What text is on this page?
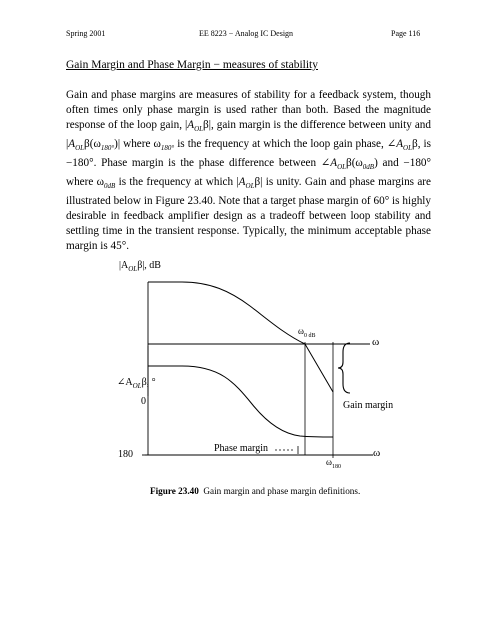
Spring 2001	EE 8223 − Analog IC Design	Page 116
Gain Margin and Phase Margin − measures of stability

Gain and phase margins are measures of stability for a feedback system, though often times only phase margin is used rather than both. Based the magnitude response of the loop gain, $|A_{OL}\beta|$, gain margin is the difference between unity and $|A_{OL}\beta(\omega_{180^\circ})|$ where $\omega_{180^\circ}$ is the frequency at which the loop gain phase, $\angle A_{OL}\beta$, is −180°. Phase margin is the phase difference between $\angle A_{OL}\beta(\omega_{0dB})$ and −180° where $\omega_{0dB}$ is the frequency at which $|A_{OL}\beta|$ is unity. Gain and phase margins are illustrated below in Figure 23.40. Note that a target phase margin of 60° is highly desirable in feedback amplifier design as a tradeoff between loop stability and settling time in the transient response. Typically, the minimum acceptable phase margin is 45°.

$|A_{OL}\beta|$, dB
$\angle A_{OL}\beta$, °
0
180
$\omega_{0 dB}$
$\omega_{180}$
ω
ω
Gain margin
Phase margin
Figure 23.40 Gain margin and phase margin definitions.
